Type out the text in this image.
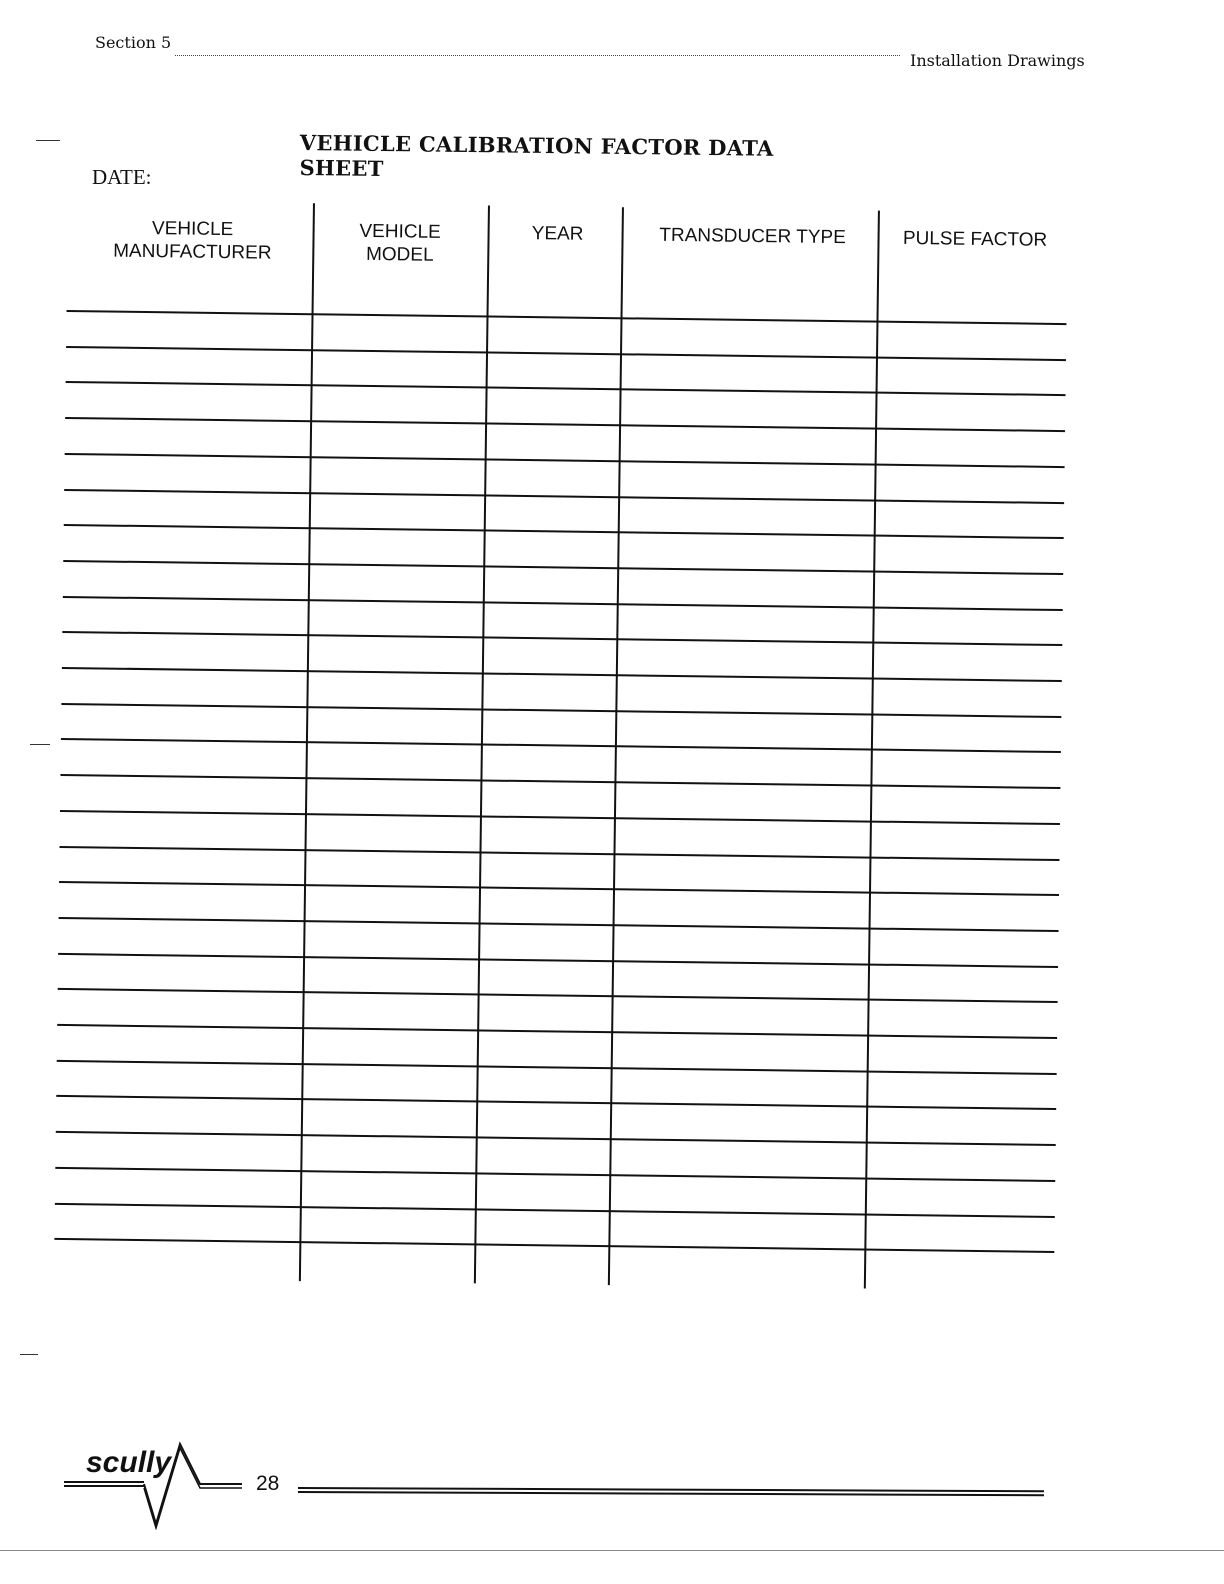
Section 5
Installation Drawings
VEHICLE CALIBRATION FACTOR DATA SHEET
DATE:
VEHICLE
MANUFACTURER
VEHICLE
MODEL
YEAR	TRANSDUCER TYPE	PULSE FACTOR
scully
28
